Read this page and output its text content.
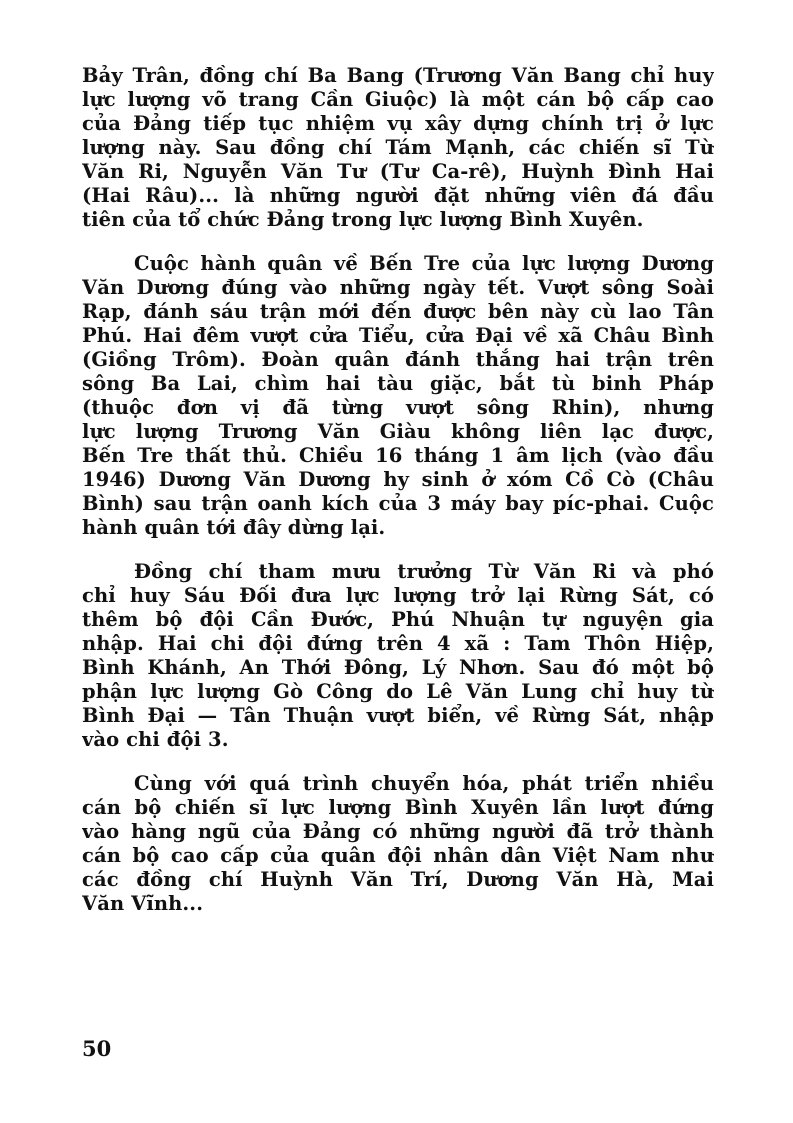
Bảy Trân, đồng chí Ba Bang (Trương Văn Bang chỉ huy
lực lượng võ trang Cần Giuộc) là một cán bộ cấp cao
của Đảng tiếp tục nhiệm vụ xây dựng chính trị ở lực
lượng này. Sau đồng chí Tám Mạnh, các chiến sĩ Từ
Văn Ri, Nguyễn Văn Tư (Tư Ca-rê), Huỳnh Đình Hai
(Hai Râu)... là những người đặt những viên đá đầu
tiên của tổ chức Đảng trong lực lượng Bình Xuyên.

Cuộc hành quân về Bến Tre của lực lượng Dương
Văn Dương đúng vào những ngày tết. Vượt sông Soài
Rạp, đánh sáu trận mới đến được bên này cù lao Tân
Phú. Hai đêm vượt cửa Tiểu, cửa Đại về xã Châu Bình
(Giồng Trôm). Đoàn quân đánh thắng hai trận trên
sông Ba Lai, chìm hai tàu giặc, bắt tù binh Pháp
(thuộc đơn vị đã từng vượt sông Rhin), nhưng
lực lượng Trương Văn Giàu không liên lạc được,
Bến Tre thất thủ. Chiều 16 tháng 1 âm lịch (vào đầu
1946) Dương Văn Dương hy sinh ở xóm Cồ Cò (Châu
Bình) sau trận oanh kích của 3 máy bay píc-phai. Cuộc
hành quân tới đây dừng lại.

Đồng chí tham mưu trưởng Từ Văn Ri và phó
chỉ huy Sáu Đối đưa lực lượng trở lại Rừng Sát, có
thêm bộ đội Cần Đước, Phú Nhuận tự nguyện gia
nhập. Hai chi đội đứng trên 4 xã : Tam Thôn Hiệp,
Bình Khánh, An Thới Đông, Lý Nhơn. Sau đó một bộ
phận lực lượng Gò Công do Lê Văn Lung chỉ huy từ
Bình Đại — Tân Thuận vượt biển, về Rừng Sát, nhập
vào chi đội 3.

Cùng với quá trình chuyển hóa, phát triển nhiều
cán bộ chiến sĩ lực lượng Bình Xuyên lần lượt đứng
vào hàng ngũ của Đảng có những người đã trở thành
cán bộ cao cấp của quân đội nhân dân Việt Nam như
các đồng chí Huỳnh Văn Trí, Dương Văn Hà, Mai
Văn Vĩnh...

50
